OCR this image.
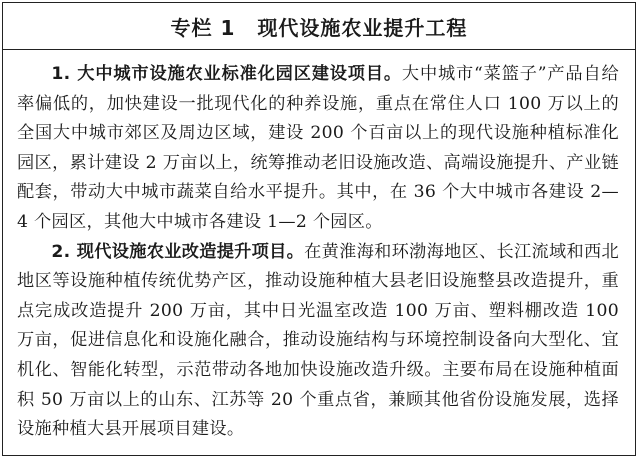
专栏 1 现代设施农业提升工程

1. 大中城市设施农业标准化园区建设项目。大中城市“菜篮子”产品自给率偏低的，加快建设一批现代化的种养设施，重点在常住人口 100 万以上的全国大中城市郊区及周边区域，建设 200 个百亩以上的现代设施种植标准化园区，累计建设 2 万亩以上，统筹推动老旧设施改造、高端设施提升、产业链配套，带动大中城市蔬菜自给水平提升。其中，在 36 个大中城市各建设 2—4 个园区，其他大中城市各建设 1—2 个园区。

2. 现代设施农业改造提升项目。在黄淮海和环渤海地区、长江流域和西北地区等设施种植传统优势产区，推动设施种植大县老旧设施整县改造提升，重点完成改造提升 200 万亩，其中日光温室改造 100 万亩、塑料棚改造 100 万亩，促进信息化和设施化融合，推动设施结构与环境控制设备向大型化、宜机化、智能化转型，示范带动各地加快设施改造升级。主要布局在设施种植面积 50 万亩以上的山东、江苏等 20 个重点省，兼顾其他省份设施发展，选择设施种植大县开展项目建设。
